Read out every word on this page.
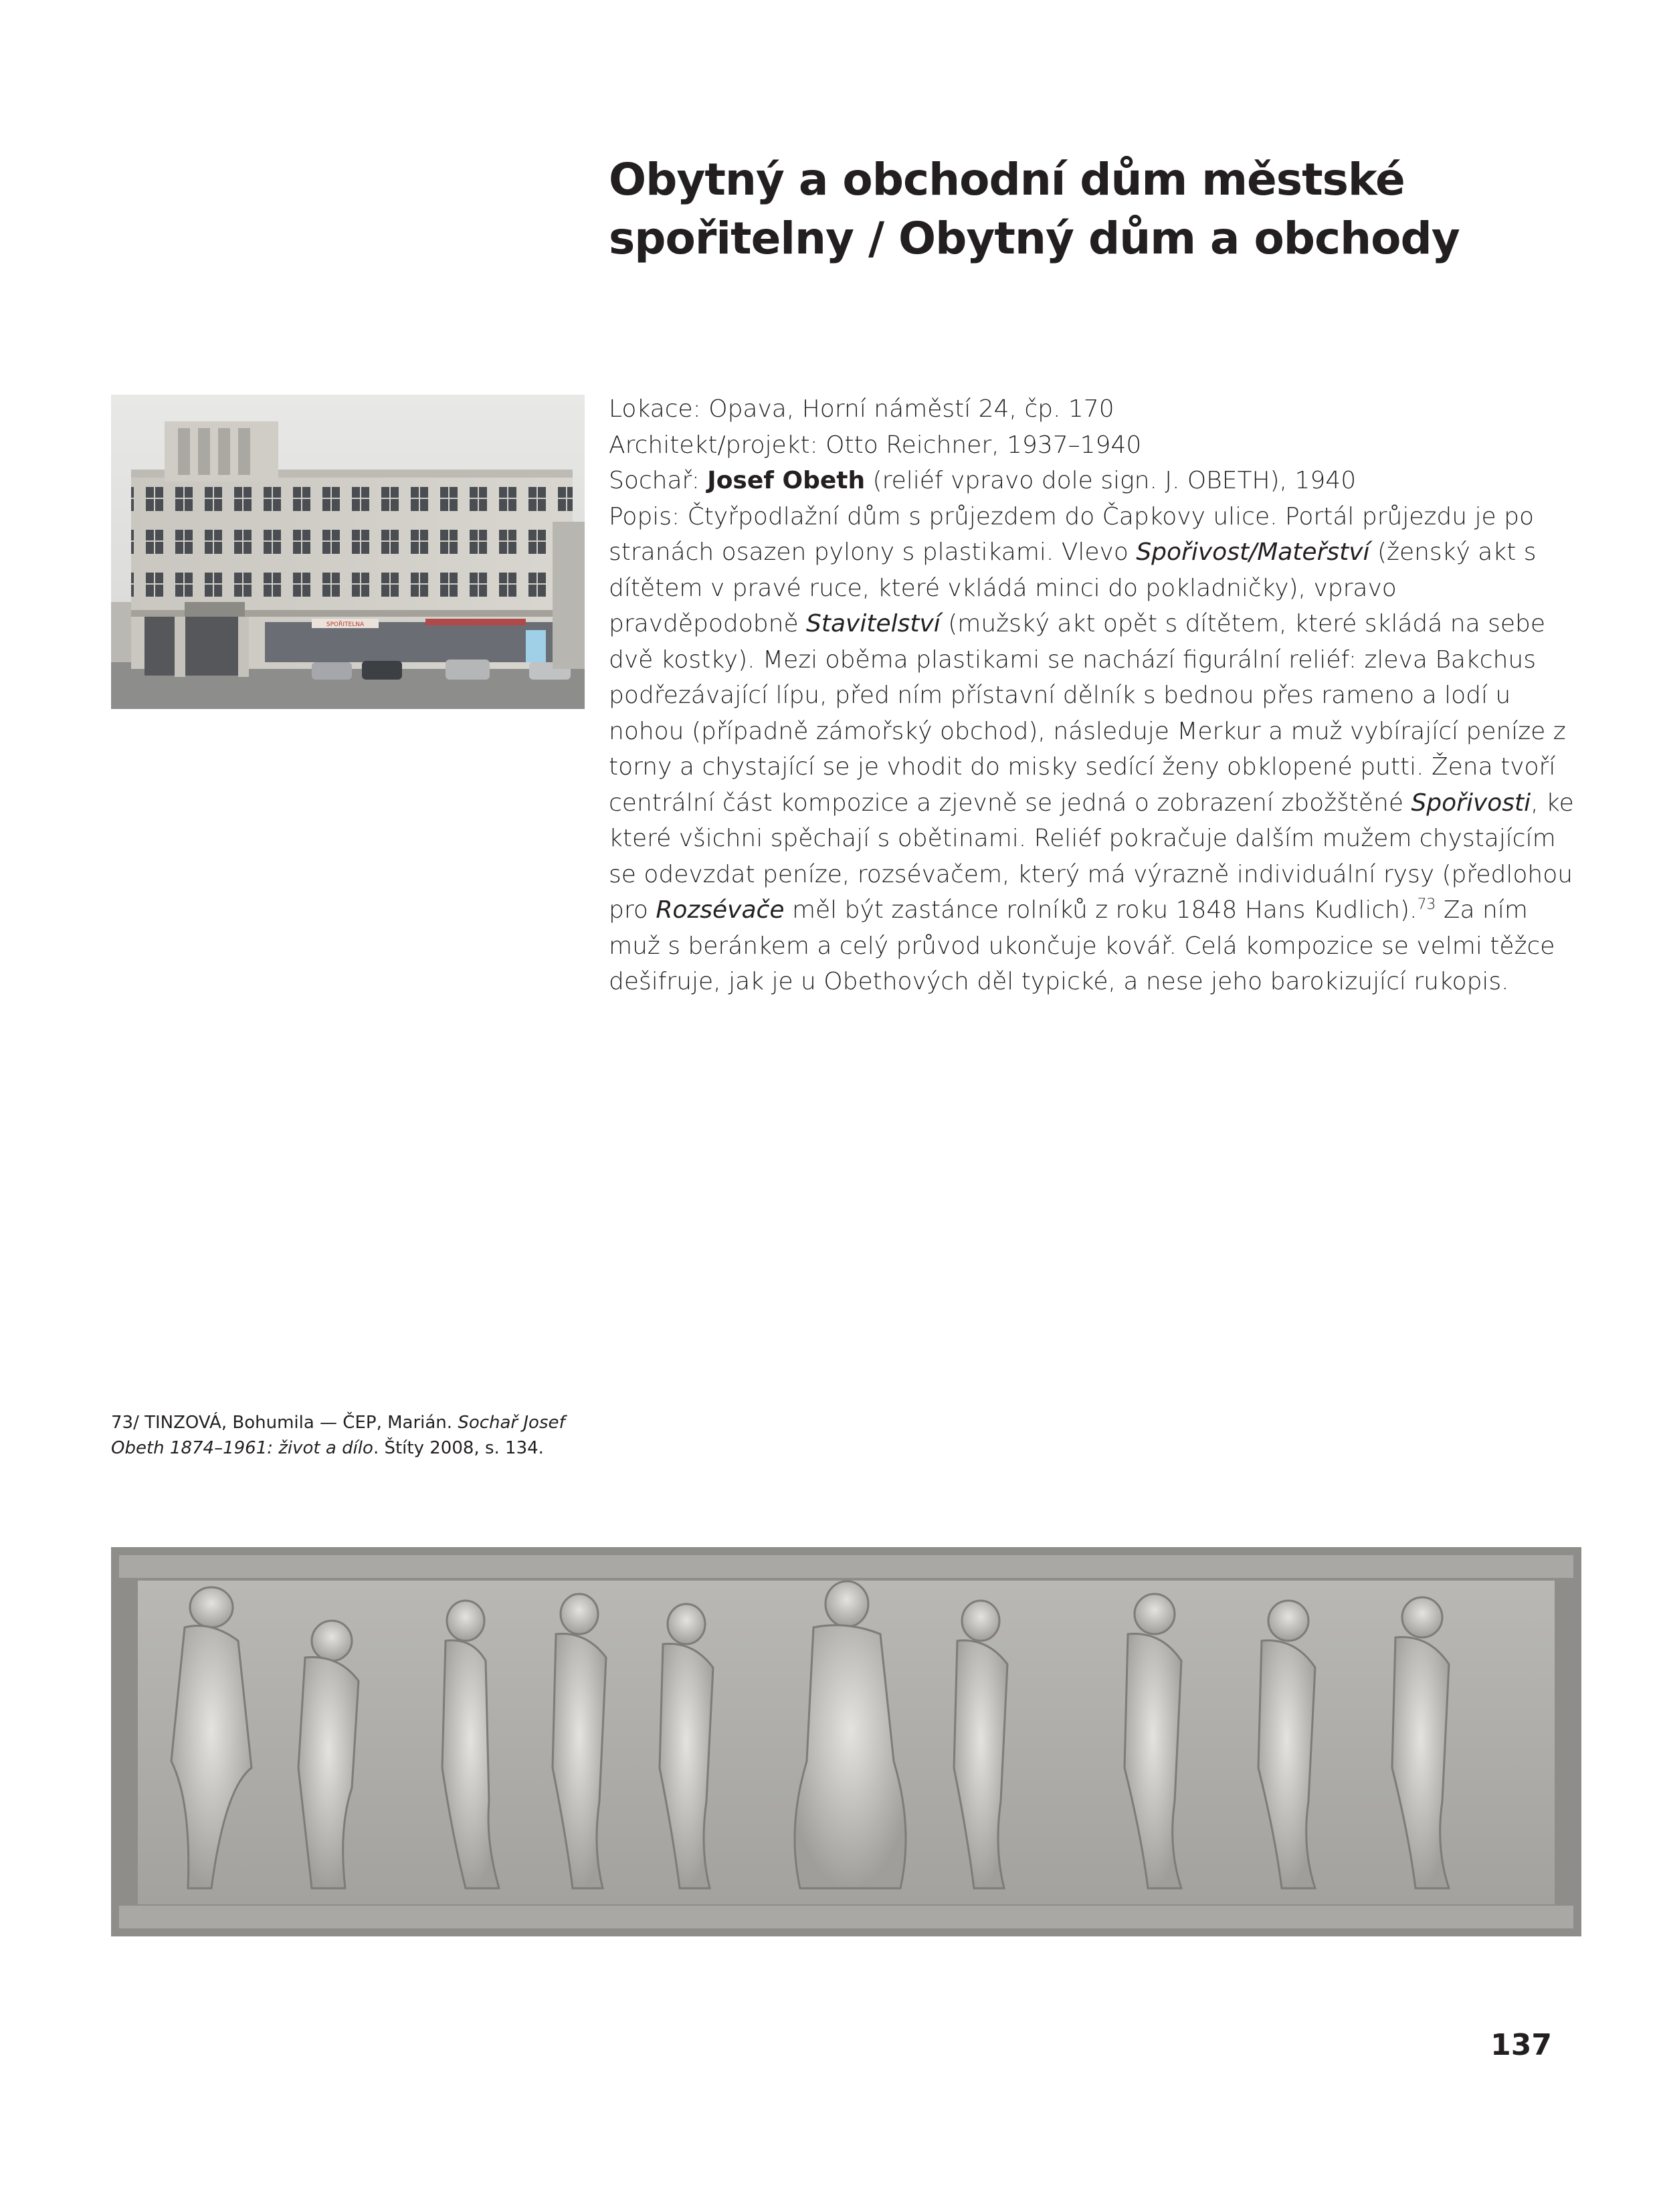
Obytný a obchodní dům městské
spořitelny / Obytný dům a obchody
SPOŘITELNA

Lokace: Opava, Horní náměstí 24, čp. 170

Architekt/projekt: Otto Reichner, 1937–1940

Sochař: Josef Obeth (reliéf vpravo dole sign. J. OBETH), 1940

Popis: Čtyřpodlažní dům s průjezdem do Čapkovy ulice. Portál průjezdu je po stranách osazen pylony s plastikami. Vlevo Spořivost/Mateřství (ženský akt s dítětem v pravé ruce, které vkládá minci do pokladničky), vpravo pravděpodobně Stavitelství (mužský akt opět s dítětem, které skládá na sebe dvě kostky). Mezi oběma plastikami se nachází figurální reliéf: zleva Bakchus podřezávající lípu, před ním přístavní dělník s bednou přes rameno a lodí u nohou (případně zámořský obchod), následuje Merkur a muž vybírající peníze z torny a chystající se je vhodit do misky sedící ženy obklopené putti. Žena tvoří centrální část kompozice a zjevně se jedná o zobrazení zbožštěné Spořivosti, ke které všichni spěchají s obětinami. Reliéf pokračuje dalším mužem chystajícím se odevzdat peníze, rozsévačem, který má výrazně individuální rysy (předlohou pro Rozsévače měl být zastánce rolníků z roku 1848 Hans Kudlich).$^{73}$ Za ním muž s beránkem a celý průvod ukončuje kovář. Celá kompozice se velmi těžce dešifruje, jak je u Obethových děl typické, a nese jeho barokizující rukopis.

73/ TINZOVÁ, Bohumila — ČEP, Marián. Sochař Josef Obeth 1874–1961: život a dílo. Štíty 2008, s. 134.
137
